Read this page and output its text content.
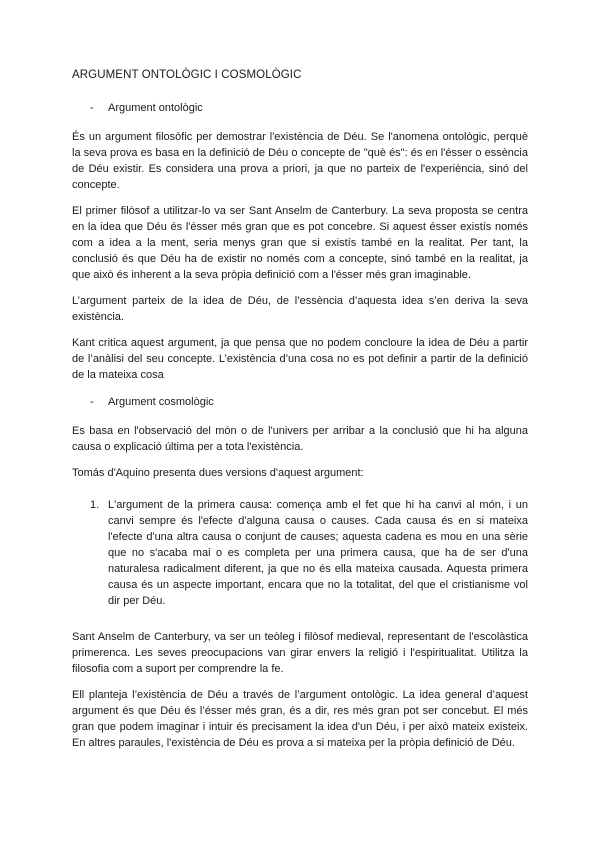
ARGUMENT ONTOLÒGIC I COSMOLÒGIC
- Argument ontològic

És un argument filosòfic per demostrar l'existència de Déu. Se l'anomena ontològic, perquè la seva prova es basa en la definició de Déu o concepte de "què és": és en l'ésser o essència de Déu existir. Es considera una prova a priori, ja que no parteix de l'experiència, sinó del concepte.

El primer filòsof a utilitzar-lo va ser Sant Anselm de Canterbury. La seva proposta se centra en la idea que Déu és l'ésser més gran que es pot concebre. Si aquest ésser existís només com a idea a la ment, seria menys gran que si existís també en la realitat. Per tant, la conclusió és que Déu ha de existir no només com a concepte, sinó també en la realitat, ja que això és inherent a la seva pròpia definició com a l'ésser més gran imaginable.

L’argument parteix de la idea de Déu, de l’essència d’aquesta idea s’en deriva la seva existència.

Kant critica aquest argument, ja que pensa que no podem concloure la idea de Déu a partir de l’anàlisi del seu concepte. L’existència d’una cosa no es pot definir a partir de la definició de la mateixa cosa

- Argument cosmològic

Es basa en l'observació del món o de l'univers per arribar a la conclusió que hi ha alguna causa o explicació última per a tota l'existència.

Tomás d'Aquino presenta dues versions d'aquest argument:

1. L'argument de la primera causa: comença amb el fet que hi ha canvi al món, i un canvi sempre és l'efecte d'alguna causa o causes. Cada causa és en si mateixa l'efecte d'una altra causa o conjunt de causes; aquesta cadena es mou en una sèrie que no s'acaba mai o es completa per una primera causa, que ha de ser d'una naturalesa radicalment diferent, ja que no és ella mateixa causada. Aquesta primera causa és un aspecte important, encara que no la totalitat, del que el cristianisme vol dir per Déu.

Sant Anselm de Canterbury, va ser un teòleg i filòsof medieval, representant de l'escolàstica primerenca. Les seves preocupacions van girar envers la religió i l'espiritualitat. Utilitza la filosofia com a suport per comprendre la fe.

Ell planteja l’existència de Déu a través de l’argument ontològic. La idea general d’aquest argument és que Déu és l’ésser més gran, és a dir, res més gran pot ser concebut. El més gran que podem imaginar i intuir és precisament la idea d'un Déu, i per això mateix existeix. En altres paraules, l'existència de Déu es prova a si mateixa per la pròpia definició de Déu.
